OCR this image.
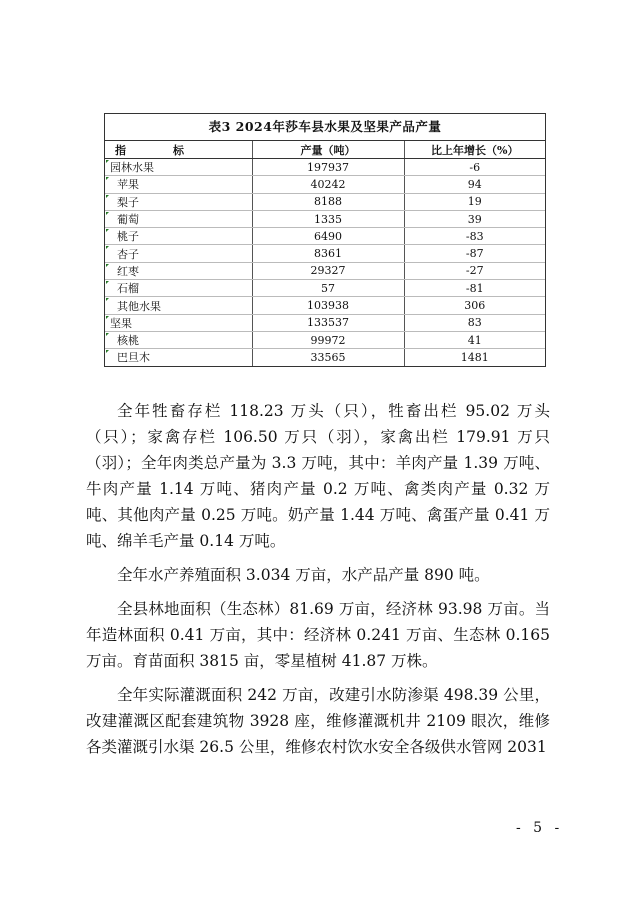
表3 2024年莎车县水果及坚果产品产量
指　标	产量（吨）	比上年增长（%）

园林水果	197937	-6

苹果	40242	94

梨子	8188	19

葡萄	1335	39

桃子	6490	-83

杏子	8361	-87

红枣	29327	-27

石榴	57	-81

其他水果	103938	306

坚果	133537	83

核桃	99972	41

巴旦木	33565	1481

全年牲畜存栏 118.23 万头（只），牲畜出栏 95.02 万头（只）；家禽存栏 106.50 万只（羽），家禽出栏 179.91 万只（羽）；全年肉类总产量为 3.3 万吨，其中：羊肉产量 1.39 万吨、牛肉产量 1.14 万吨、猪肉产量 0.2 万吨、禽类肉产量 0.32 万吨、其他肉产量 0.25 万吨。奶产量 1.44 万吨、禽蛋产量 0.41 万吨、绵羊毛产量 0.14 万吨。

全年水产养殖面积 3.034 万亩，水产品产量 890 吨。

全县林地面积（生态林）81.69 万亩，经济林 93.98 万亩。当年造林面积 0.41 万亩，其中：经济林 0.241 万亩、生态林 0.165 万亩。育苗面积 3815 亩，零星植树 41.87 万株。

全年实际灌溉面积 242 万亩，改建引水防渗渠 498.39 公里，改建灌溉区配套建筑物 3928 座，维修灌溉机井 2109 眼次，维修各类灌溉引水渠 26.5 公里，维修农村饮水安全各级供水管网 2031

- 5 -
